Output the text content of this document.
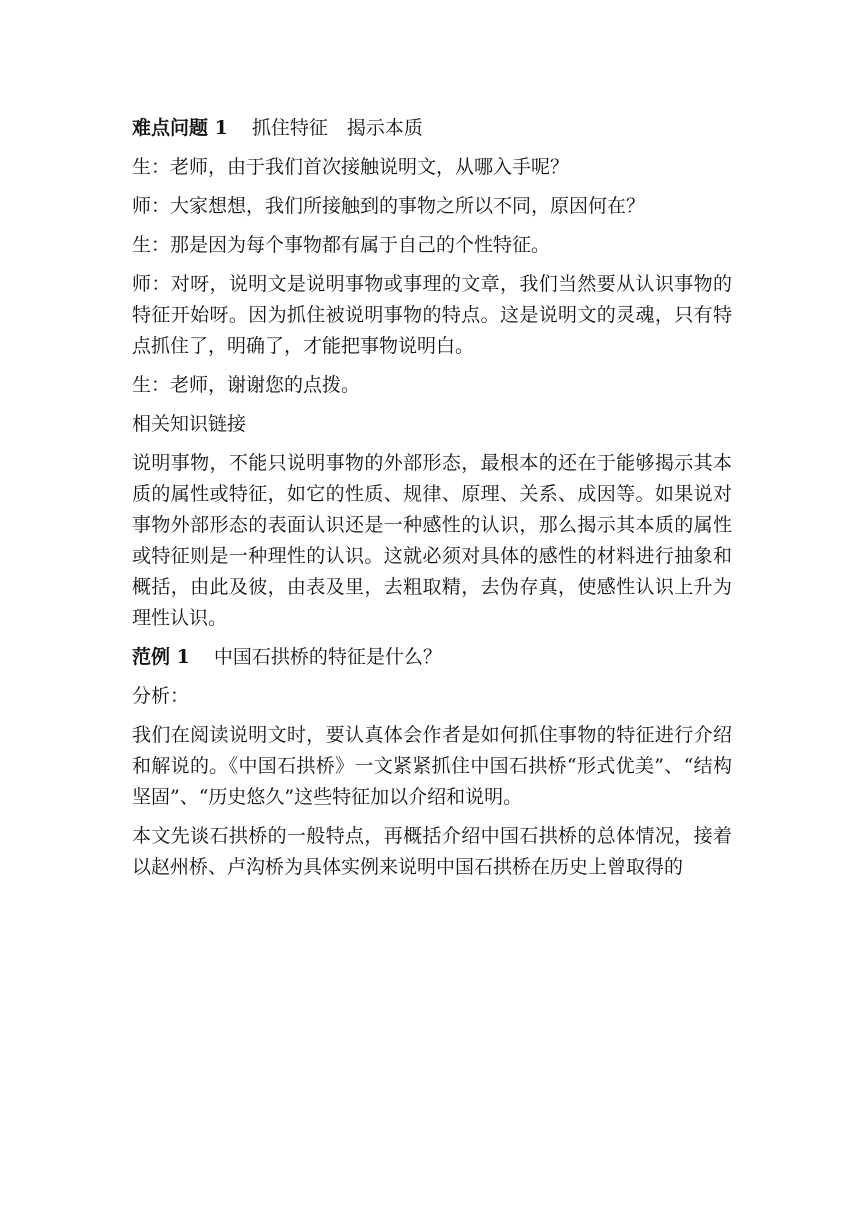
难点问题 1 抓住特征　揭示本质

生：老师，由于我们首次接触说明文，从哪入手呢？

师：大家想想，我们所接触到的事物之所以不同，原因何在？

生：那是因为每个事物都有属于自己的个性特征。

师：对呀，说明文是说明事物或事理的文章，我们当然要从认识事物的特征开始呀。因为抓住被说明事物的特点。这是说明文的灵魂，只有特点抓住了，明确了，才能把事物说明白。

生：老师，谢谢您的点拨。

相关知识链接

说明事物，不能只说明事物的外部形态，最根本的还在于能够揭示其本质的属性或特征，如它的性质、规律、原理、关系、成因等。如果说对事物外部形态的表面认识还是一种感性的认识，那么揭示其本质的属性或特征则是一种理性的认识。这就必须对具体的感性的材料进行抽象和概括，由此及彼，由表及里，去粗取精，去伪存真，使感性认识上升为理性认识。

范例 1 中国石拱桥的特征是什么？

分析：

我们在阅读说明文时，要认真体会作者是如何抓住事物的特征进行介绍和解说的。《中国石拱桥》一文紧紧抓住中国石拱桥“形式优美”、“结构坚固”、“历史悠久”这些特征加以介绍和说明。

本文先谈石拱桥的一般特点，再概括介绍中国石拱桥的总体情况，接着以赵州桥、卢沟桥为具体实例来说明中国石拱桥在历史上曾取得的
